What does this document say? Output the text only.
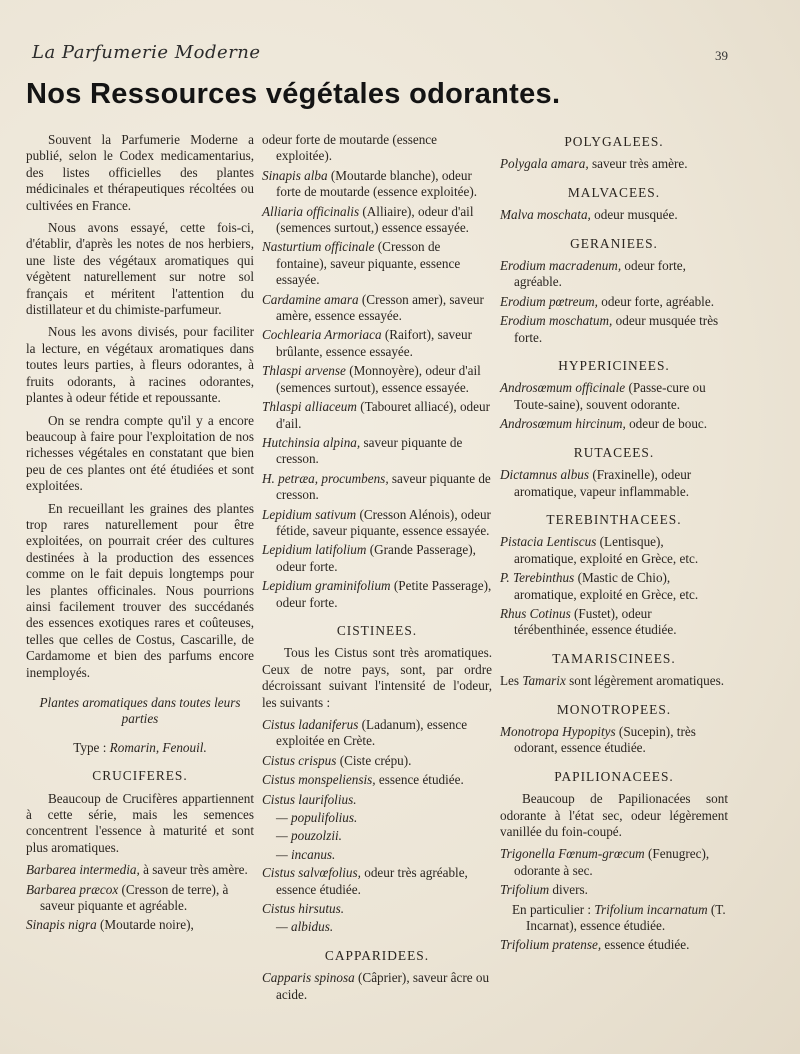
La Parfumerie Moderne	39
Nos Ressources végétales odorantes.

Souvent la Parfumerie Moderne a publié, selon le Codex medicamentarius, des listes officielles des plantes médicinales et thérapeutiques récoltées ou cultivées en France.

Nous avons essayé, cette fois-ci, d'établir, d'après les notes de nos herbiers, une liste des végétaux aromatiques qui végètent naturellement sur notre sol français et méritent l'attention du distillateur et du chimiste-parfumeur.

Nous les avons divisés, pour faciliter la lecture, en végétaux aromatiques dans toutes leurs parties, à fleurs odorantes, à fruits odorants, à racines odorantes, plantes à odeur fétide et repoussante.

On se rendra compte qu'il y a encore beaucoup à faire pour l'exploitation de nos richesses végétales en constatant que bien peu de ces plantes ont été étudiées et sont exploitées.

En recueillant les graines des plantes trop rares naturellement pour être exploitées, on pourrait créer des cultures destinées à la production des essences comme on le fait depuis longtemps pour les plantes officinales. Nous pourrions ainsi facilement trouver des succédanés des essences exotiques rares et coûteuses, telles que celles de Costus, Cascarille, de Cardamome et bien des parfums encore inemployés.

Plantes aromatiques dans toutes leurs parties
Type : Romarin, Fenouil.
CRUCIFERES.

Beaucoup de Crucifères appartiennent à cette série, mais les semences concentrent l'essence à maturité et sont plus aromatiques.

Barbarea intermedia, à saveur très amère.

Barbarea præcox (Cresson de terre), à saveur piquante et agréable.

Sinapis nigra (Moutarde noire),

odeur forte de moutarde (essence exploitée).

Sinapis alba (Moutarde blanche), odeur forte de moutarde (essence exploitée).

Alliaria officinalis (Alliaire), odeur d'ail (semences surtout,) essence essayée.

Nasturtium officinale (Cresson de fontaine), saveur piquante, essence essayée.

Cardamine amara (Cresson amer), saveur amère, essence essayée.

Cochlearia Armoriaca (Raifort), saveur brûlante, essence essayée.

Thlaspi arvense (Monnoyère), odeur d'ail (semences surtout), essence essayée.

Thlaspi alliaceum (Tabouret alliacé), odeur d'ail.

Hutchinsia alpina, saveur piquante de cresson.

H. petræa, procumbens, saveur piquante de cresson.

Lepidium sativum (Cresson Alénois), odeur fétide, saveur piquante, essence essayée.

Lepidium latifolium (Grande Passerage), odeur forte.

Lepidium graminifolium (Petite Passerage), odeur forte.

CISTINEES.

Tous les Cistus sont très aromatiques. Ceux de notre pays, sont, par ordre décroissant suivant l'intensité de l'odeur, les suivants :

Cistus ladaniferus (Ladanum), essence exploitée en Crète.

Cistus crispus (Ciste crépu).

Cistus monspeliensis, essence étudiée.

Cistus laurifolius.

— populifolius.

— pouzolzii.

— incanus.

Cistus salvœfolius, odeur très agréable, essence étudiée.

Cistus hirsutus.

— albidus.

CAPPARIDEES.

Capparis spinosa (Câprier), saveur âcre ou acide.

POLYGALEES.

Polygala amara, saveur très amère.

MALVACEES.

Malva moschata, odeur musquée.

GERANIEES.

Erodium macradenum, odeur forte, agréable.

Erodium pœtreum, odeur forte, agréable.

Erodium moschatum, odeur musquée très forte.

HYPERICINEES.

Androsœmum officinale (Passe-cure ou Toute-saine), souvent odorante.

Androsœmum hircinum, odeur de bouc.

RUTACEES.

Dictamnus albus (Fraxinelle), odeur aromatique, vapeur inflammable.

TEREBINTHACEES.

Pistacia Lentiscus (Lentisque), aromatique, exploité en Grèce, etc.

P. Terebinthus (Mastic de Chio), aromatique, exploité en Grèce, etc.

Rhus Cotinus (Fustet), odeur térébenthinée, essence étudiée.

TAMARISCINEES.

Les Tamarix sont légèrement aromatiques.

MONOTROPEES.

Monotropa Hypopitys (Sucepin), très odorant, essence étudiée.

PAPILIONACEES.

Beaucoup de Papilionacées sont odorante à l'état sec, odeur légèrement vanillée du foin-coupé.

Trigonella Fœnum-grœcum (Fenugrec), odorante à sec.

Trifolium divers.

En particulier : Trifolium incarnatum (T. Incarnat), essence étudiée.

Trifolium pratense, essence étudiée.
